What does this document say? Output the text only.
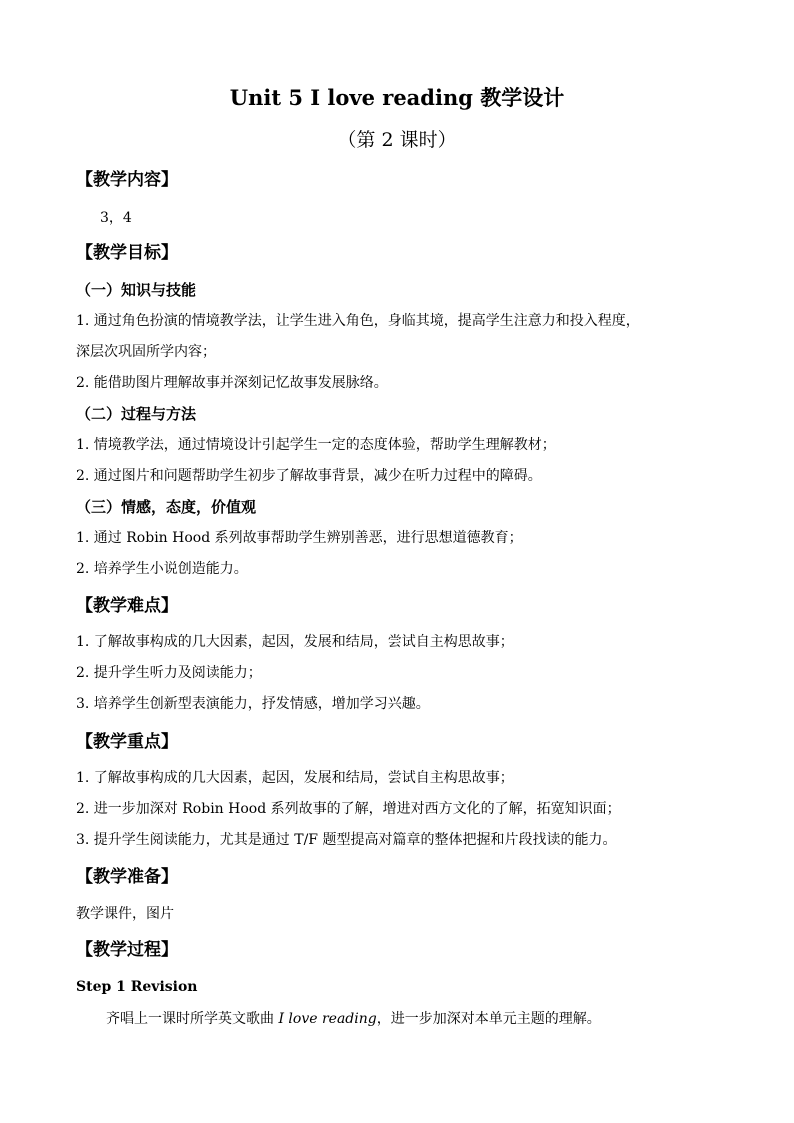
Unit 5 I love reading 教学设计
（第 2 课时）
【教学内容】
3，4
【教学目标】
（一）知识与技能
1. 通过角色扮演的情境教学法，让学生进入角色，身临其境，提高学生注意力和投入程度，
深层次巩固所学内容；
2. 能借助图片理解故事并深刻记忆故事发展脉络。
（二）过程与方法
1. 情境教学法，通过情境设计引起学生一定的态度体验，帮助学生理解教材；
2. 通过图片和问题帮助学生初步了解故事背景，减少在听力过程中的障碍。
（三）情感，态度，价值观
1. 通过 Robin Hood 系列故事帮助学生辨别善恶，进行思想道德教育；
2. 培养学生小说创造能力。
【教学难点】
1. 了解故事构成的几大因素，起因，发展和结局，尝试自主构思故事；
2. 提升学生听力及阅读能力；
3. 培养学生创新型表演能力，抒发情感，增加学习兴趣。
【教学重点】
1. 了解故事构成的几大因素，起因，发展和结局，尝试自主构思故事；
2. 进一步加深对 Robin Hood 系列故事的了解，增进对西方文化的了解，拓宽知识面；
3. 提升学生阅读能力，尤其是通过 T/F 题型提高对篇章的整体把握和片段找读的能力。
【教学准备】
教学课件，图片
【教学过程】
Step 1 Revision
齐唱上一课时所学英文歌曲 I love reading，进一步加深对本单元主题的理解。
